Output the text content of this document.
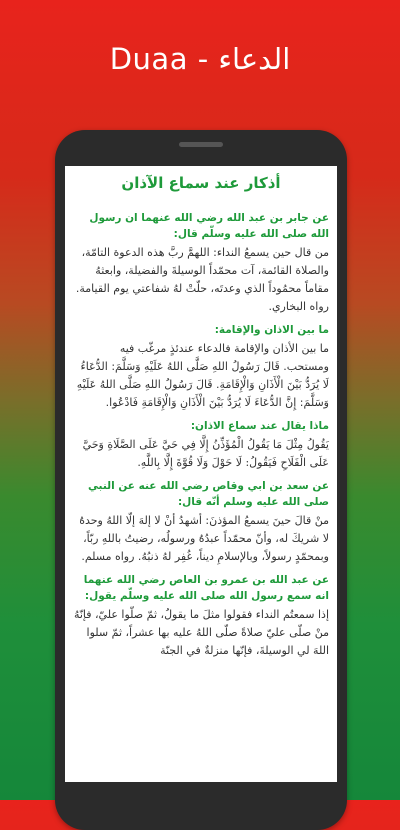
Duaa - الدعاء
أذكار عند سماع الآذان
عن جابر بن عبد الله رضي الله عنهما ان رسول الله صلى الله عليه وسلّم قال:
من قال حين يسمعُ النداء: اللهمَّ ربَّ هذه الدعوة التامّة، والصلاة القائمة، آت محمّداً الوسيلةَ والفضيلة، وابعثهُ مقاماً محمُوداً الذي وعدتَه، حلّتْ لهُ شفاعتي يوم القيامة. رواه البخاري.
ما بين الاذان والإقامة:
ما بين الأذان والإقامة فالدعاء عندئذٍ مرغّب فيه ومستحب. قَالَ رَسُولُ اللهِ صَلَّى اللهُ عَلَيْهِ وَسَلَّمَ: الدُّعَاءُ لَا يُرَدُّ بَيْنَ الْأَذَانِ وَالْإِقَامَةِ. قَالَ رَسُولُ اللهِ صَلَّى اللهُ عَلَيْهِ وَسَلَّمَ: إِنَّ الدُّعَاءَ لَا يُرَدُّ بَيْنَ الْأَذَانِ وَالْإِقَامَةِ فَادْعُوا.
ماذا يقال عند سماع الاذان:
يَقُولُ مِثْلَ مَا يَقُولُ الْمُؤَذِّنُ إِلَّا فِي حَيَّ عَلَى الصَّلَاةِ وَحَيَّ عَلَى الْفَلَاحِ فَيَقُولُ: لَا حَوْلَ وَلَا قُوَّةَ إِلَّا بِاللَّهِ.
عن سعد بن ابي وقاص رضي الله عنه عن النبي صلى الله عليه وسلم أنّه قال:
منْ قالَ حينَ يسمعُ المؤذنَ: أشهدُ أنْ لا إلهَ إلّا اللهُ وحدهُ لا شريكَ له، وأنّ محمّداً عبدُهُ ورسولُه، رضيتُ باللهِ ربّاً، وبمحمّدٍ رسولاً، وبالإسلامِ ديناً، غُفِر لهُ ذنبُهُ. رواه مسلم.
عن عبد الله بن عمرو بن العاص رضي الله عنهما انه سمع رسول الله صلى الله عليه وسلّم يقول:
إذا سمعتُم النداء فقولوا مثلَ ما يقولُ، ثمّ صلّوا عليّ، فإنّهُ منْ صلّى عليّ صلاةً صلّى اللهُ عليه بها عشراً، ثمّ سلوا اللهَ لي الوسيلةَ، فإنّها منزلةٌ في الجنّة
